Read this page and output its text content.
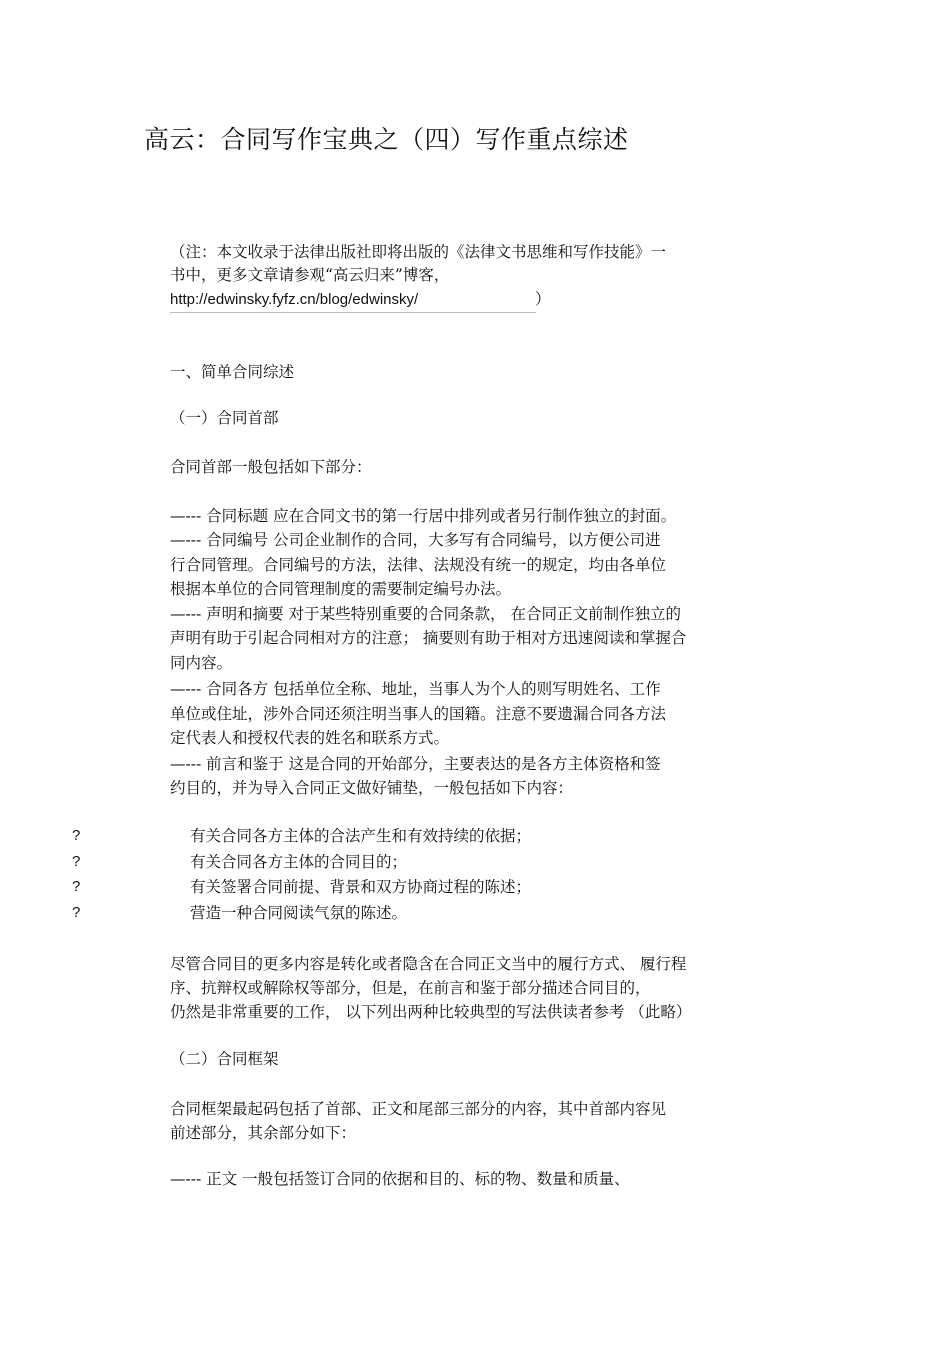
高云：合同写作宝典之（四）写作重点综述
（注：本文收录于法律出版社即将出版的《法律文书思维和写作技能》一
书中，更多文章请参观“高云归来”博客，
http://edwinsky.fyfz.cn/blog/edwinsky/	）
一、简单合同综述
（一）合同首部
合同首部一般包括如下部分：
—--- 合同标题 应在合同文书的第一行居中排列或者另行制作独立的封面。
—--- 合同编号 公司企业制作的合同，大多写有合同编号，以方便公司进
行合同管理。合同编号的方法，法律、法规没有统一的规定，均由各单位
根据本单位的合同管理制度的需要制定编号办法。
—--- 声明和摘要 对于某些特别重要的合同条款， 在合同正文前制作独立的
声明有助于引起合同相对方的注意； 摘要则有助于相对方迅速阅读和掌握合
同内容。
—--- 合同各方 包括单位全称、地址，当事人为个人的则写明姓名、工作
单位或住址，涉外合同还须注明当事人的国籍。注意不要遗漏合同各方法
定代表人和授权代表的姓名和联系方式。
—--- 前言和鉴于 这是合同的开始部分，主要表达的是各方主体资格和签
约目的，并为导入合同正文做好铺垫，一般包括如下内容：
?	有关合同各方主体的合法产生和有效持续的依据；
?	有关合同各方主体的合同目的；
?	有关签署合同前提、背景和双方协商过程的陈述；
?	营造一种合同阅读气氛的陈述。
尽管合同目的更多内容是转化或者隐含在合同正文当中的履行方式、 履行程
序、抗辩权或解除权等部分，但是，在前言和鉴于部分描述合同目的，
仍然是非常重要的工作， 以下列出两种比较典型的写法供读者参考 （此略）
（二）合同框架
合同框架最起码包括了首部、正文和尾部三部分的内容，其中首部内容见
前述部分，其余部分如下：
—--- 正文 一般包括签订合同的依据和目的、标的物、数量和质量、
